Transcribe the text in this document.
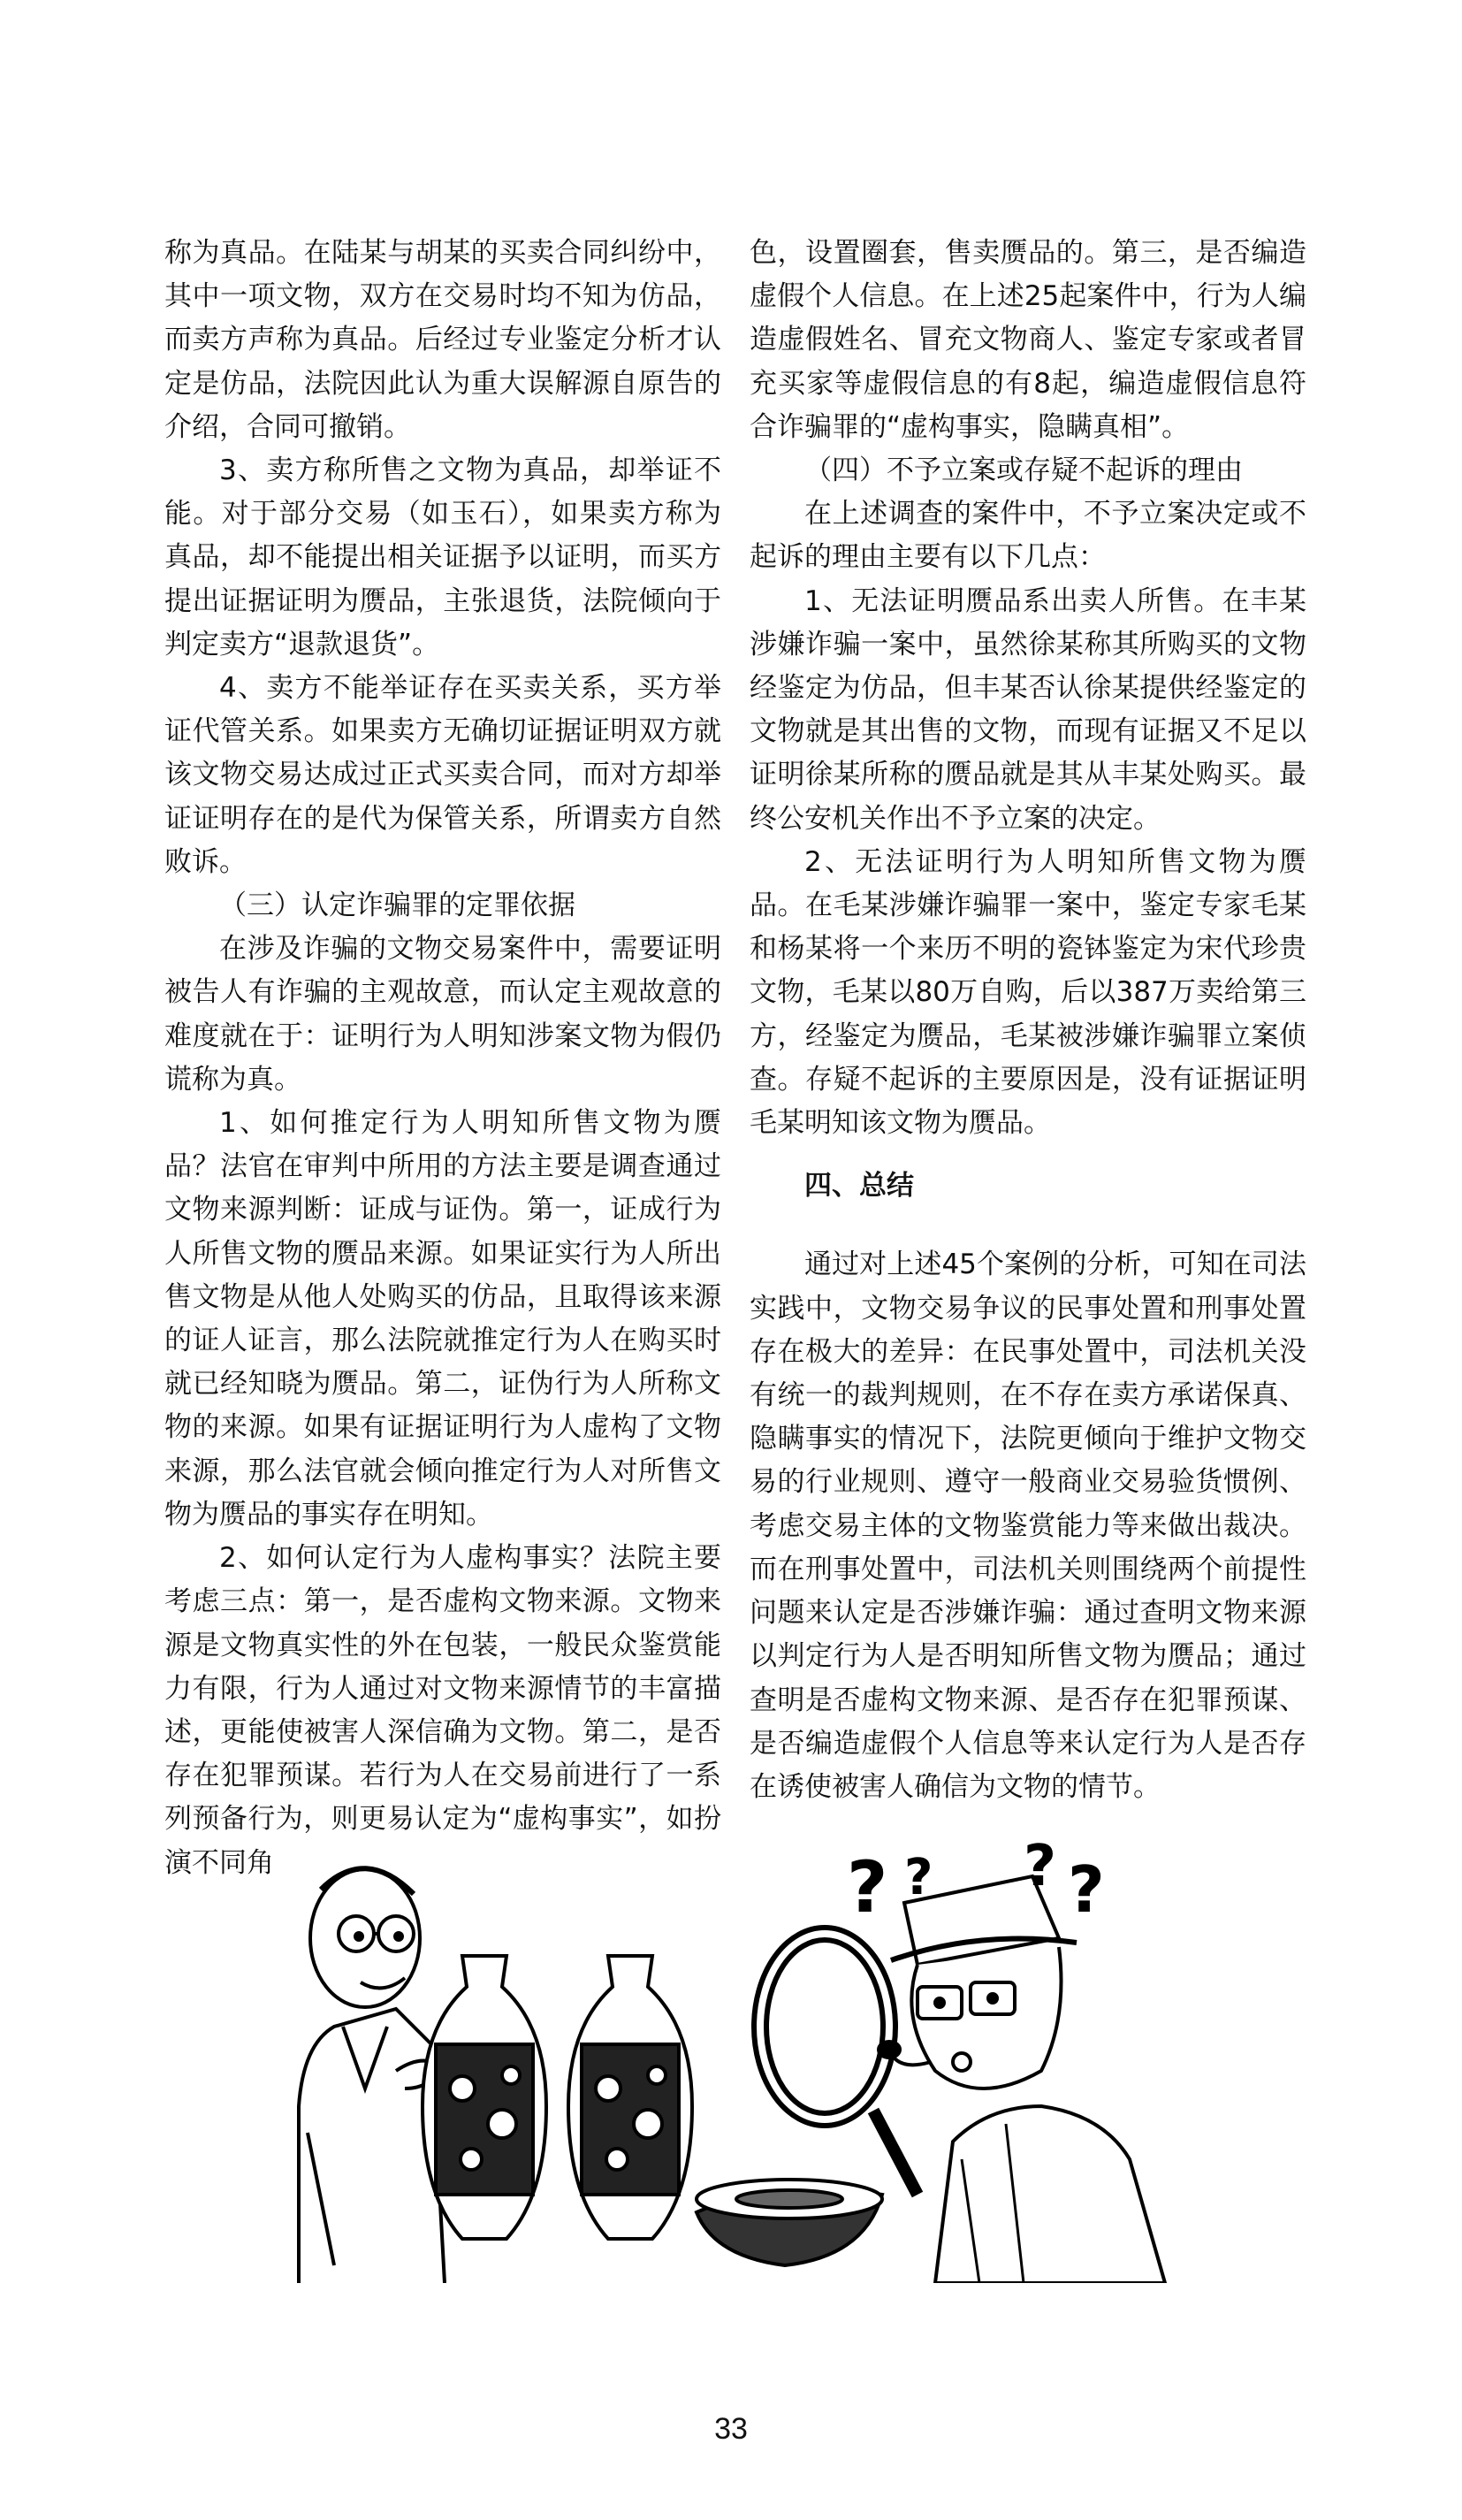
称为真品。在陆某与胡某的买卖合同纠纷中，其中一项文物，双方在交易时均不知为仿品，而卖方声称为真品。后经过专业鉴定分析才认定是仿品，法院因此认为重大误解源自原告的介绍，合同可撤销。

3、卖方称所售之文物为真品，却举证不能。对于部分交易（如玉石），如果卖方称为真品，却不能提出相关证据予以证明，而买方提出证据证明为赝品，主张退货，法院倾向于判定卖方“退款退货”。

4、卖方不能举证存在买卖关系，买方举证代管关系。如果卖方无确切证据证明双方就该文物交易达成过正式买卖合同，而对方却举证证明存在的是代为保管关系，所谓卖方自然败诉。

（三）认定诈骗罪的定罪依据

在涉及诈骗的文物交易案件中，需要证明被告人有诈骗的主观故意，而认定主观故意的难度就在于：证明行为人明知涉案文物为假仍谎称为真。

1、如何推定行为人明知所售文物为赝品？法官在审判中所用的方法主要是调查通过文物来源判断：证成与证伪。第一，证成行为人所售文物的赝品来源。如果证实行为人所出售文物是从他人处购买的仿品，且取得该来源的证人证言，那么法院就推定行为人在购买时就已经知晓为赝品。第二，证伪行为人所称文物的来源。如果有证据证明行为人虚构了文物来源，那么法官就会倾向推定行为人对所售文物为赝品的事实存在明知。

2、如何认定行为人虚构事实？法院主要考虑三点：第一，是否虚构文物来源。文物来源是文物真实性的外在包装，一般民众鉴赏能力有限，行为人通过对文物来源情节的丰富描述，更能使被害人深信确为文物。第二，是否存在犯罪预谋。若行为人在交易前进行了一系列预备行为，则更易认定为“虚构事实”，如扮演不同角

色，设置圈套，售卖赝品的。第三，是否编造虚假个人信息。在上述25起案件中，行为人编造虚假姓名、冒充文物商人、鉴定专家或者冒充买家等虚假信息的有8起，编造虚假信息符合诈骗罪的“虚构事实，隐瞒真相”。

（四）不予立案或存疑不起诉的理由

在上述调查的案件中，不予立案决定或不起诉的理由主要有以下几点：

1、无法证明赝品系出卖人所售。在丰某涉嫌诈骗一案中，虽然徐某称其所购买的文物经鉴定为仿品，但丰某否认徐某提供经鉴定的文物就是其出售的文物，而现有证据又不足以证明徐某所称的赝品就是其从丰某处购买。最终公安机关作出不予立案的决定。

2、无法证明行为人明知所售文物为赝品。在毛某涉嫌诈骗罪一案中，鉴定专家毛某和杨某将一个来历不明的瓷钵鉴定为宋代珍贵文物，毛某以80万自购，后以387万卖给第三方，经鉴定为赝品，毛某被涉嫌诈骗罪立案侦查。存疑不起诉的主要原因是，没有证据证明毛某明知该文物为赝品。

四、总结

通过对上述45个案例的分析，可知在司法实践中，文物交易争议的民事处置和刑事处置存在极大的差异：在民事处置中，司法机关没有统一的裁判规则，在不存在卖方承诺保真、隐瞒事实的情况下，法院更倾向于维护文物交易的行业规则、遵守一般商业交易验货惯例、考虑交易主体的文物鉴赏能力等来做出裁决。而在刑事处置中，司法机关则围绕两个前提性问题来认定是否涉嫌诈骗：通过查明文物来源以判定行为人是否明知所售文物为赝品；通过查明是否虚构文物来源、是否存在犯罪预谋、是否编造虚假个人信息等来认定行为人是否存在诱使被害人确信为文物的情节。

? ? ? ?
33
